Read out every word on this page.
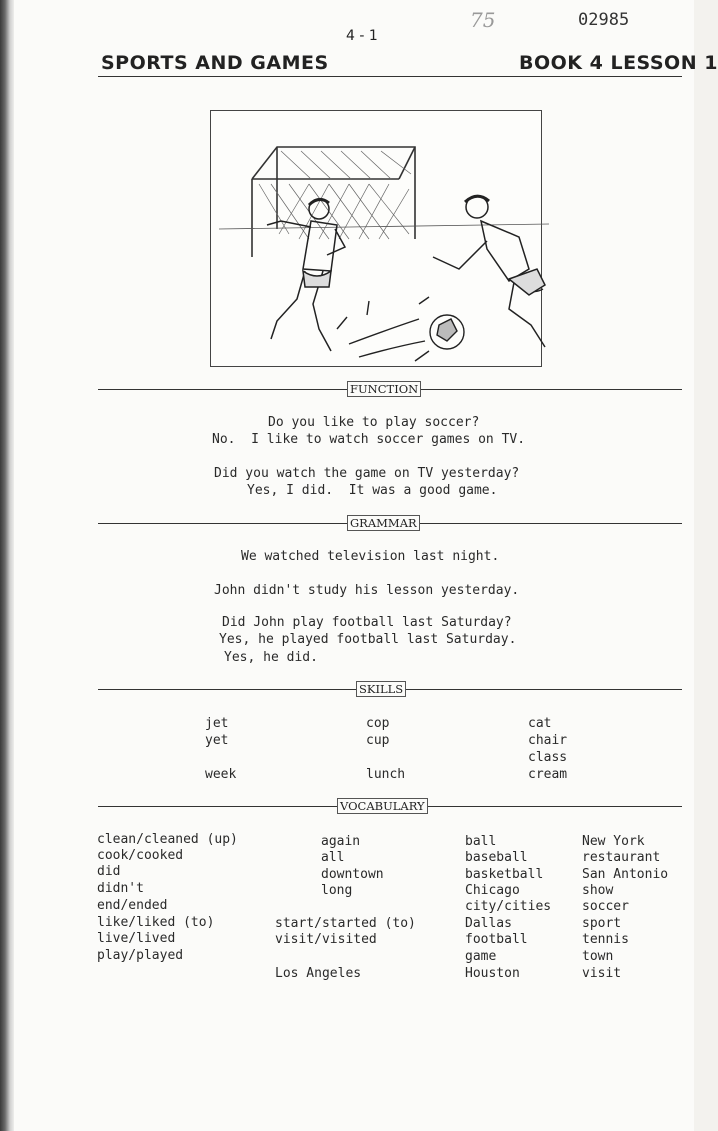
4 - 1
75	02985
SPORTS AND GAMES	BOOK 4 LESSON 1

FUNCTION
Do you like to play soccer?
No.  I like to watch soccer games on TV.
Did you watch the game on TV yesterday?
Yes, I did.  It was a good game.
GRAMMAR
We watched television last night.
John didn't study his lesson yesterday.
Did John play football last Saturday?
Yes, he played football last Saturday.
Yes, he did.
SKILLS
jet
yet
week
cop
cup
lunch
cat
chair
class
cream
VOCABULARY
clean/cleaned (up)
cook/cooked
did
didn't
end/ended
like/liked (to)
live/lived
play/played
again
all
downtown
long
start/started (to)
visit/visited
Los Angeles
ball
baseball
basketball
Chicago
city/cities
Dallas
football
game
Houston
New York
restaurant
San Antonio
show
soccer
sport
tennis
town
visit
